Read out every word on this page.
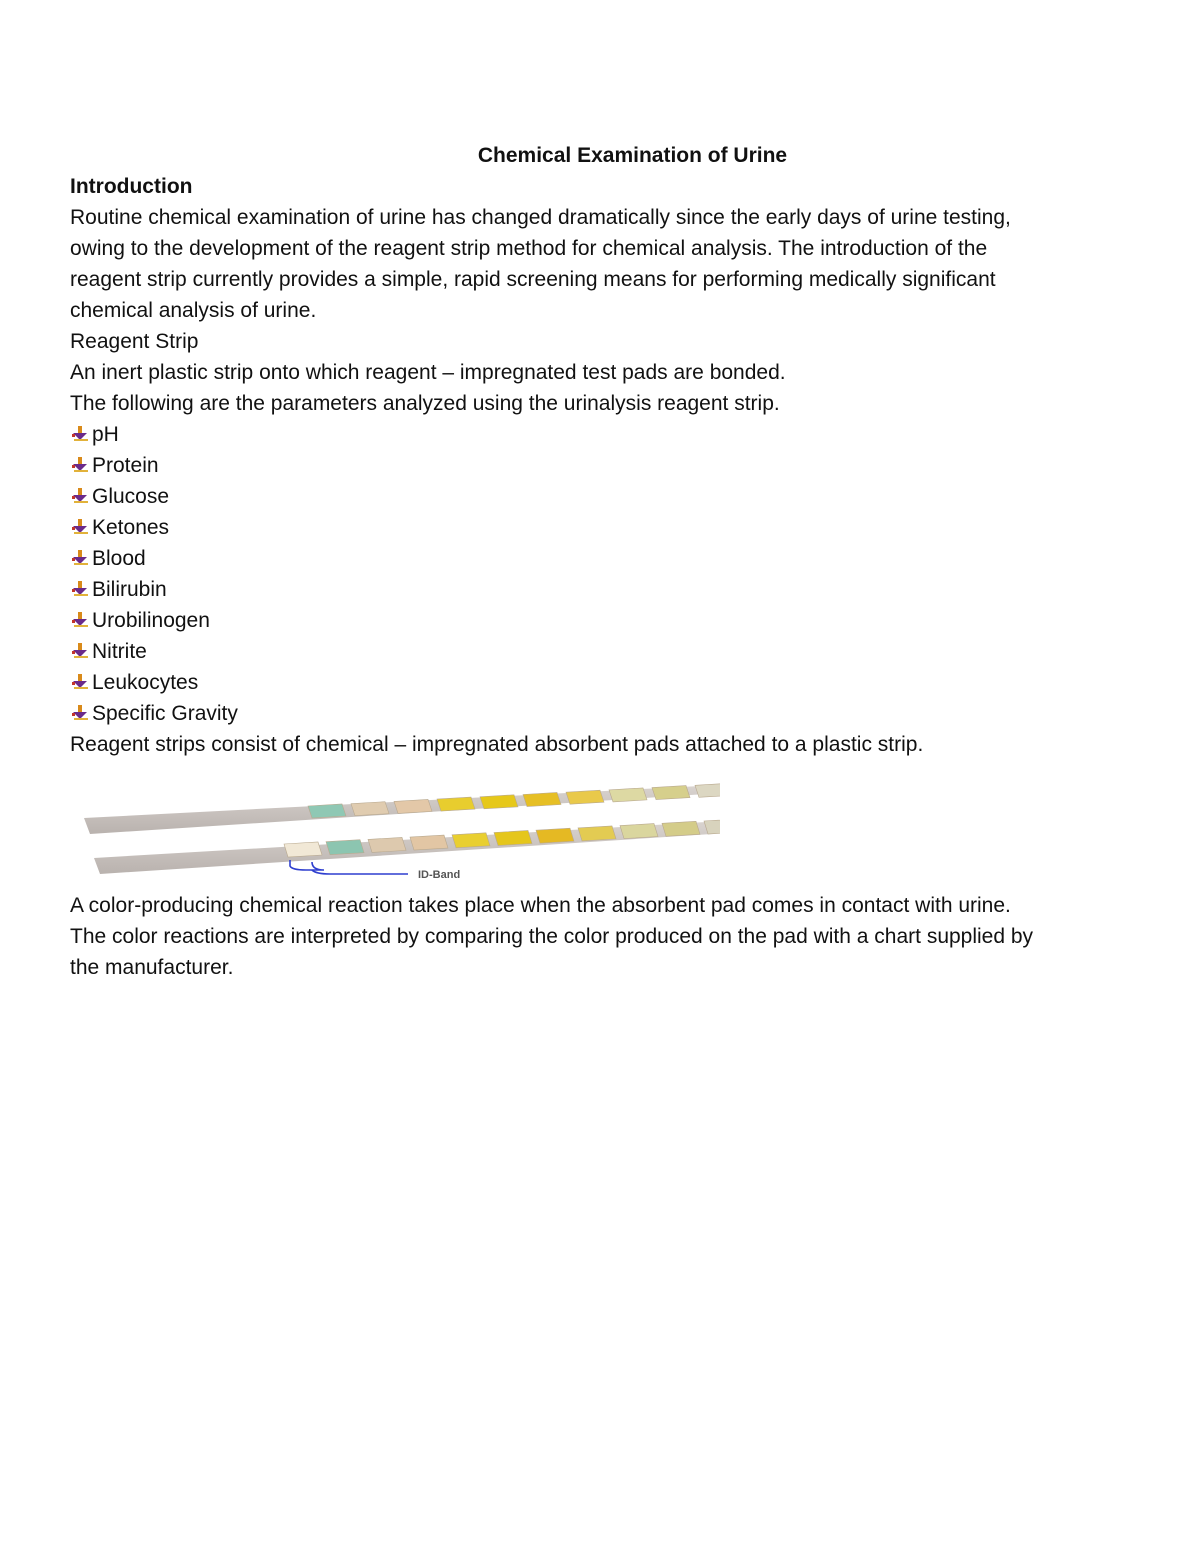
Chemical Examination of Urine
Introduction

Routine chemical examination of urine has changed dramatically since the early days of urine testing,

owing to the development of the reagent strip method for chemical analysis. The introduction of the

reagent strip currently provides a simple, rapid screening means for performing medically significant

chemical analysis of urine.

Reagent Strip

An inert plastic strip onto which reagent – impregnated test pads are bonded.

The following are the parameters analyzed using the urinalysis reagent strip.

pH
Protein
Glucose
Ketones
Blood
Bilirubin
Urobilinogen
Nitrite
Leukocytes
Specific Gravity

Reagent strips consist of chemical – impregnated absorbent pads attached to a plastic strip.

ID-Band

A color-producing chemical reaction takes place when the absorbent pad comes in contact with urine.

The color reactions are interpreted by comparing the color produced on the pad with a chart supplied by

the manufacturer.
